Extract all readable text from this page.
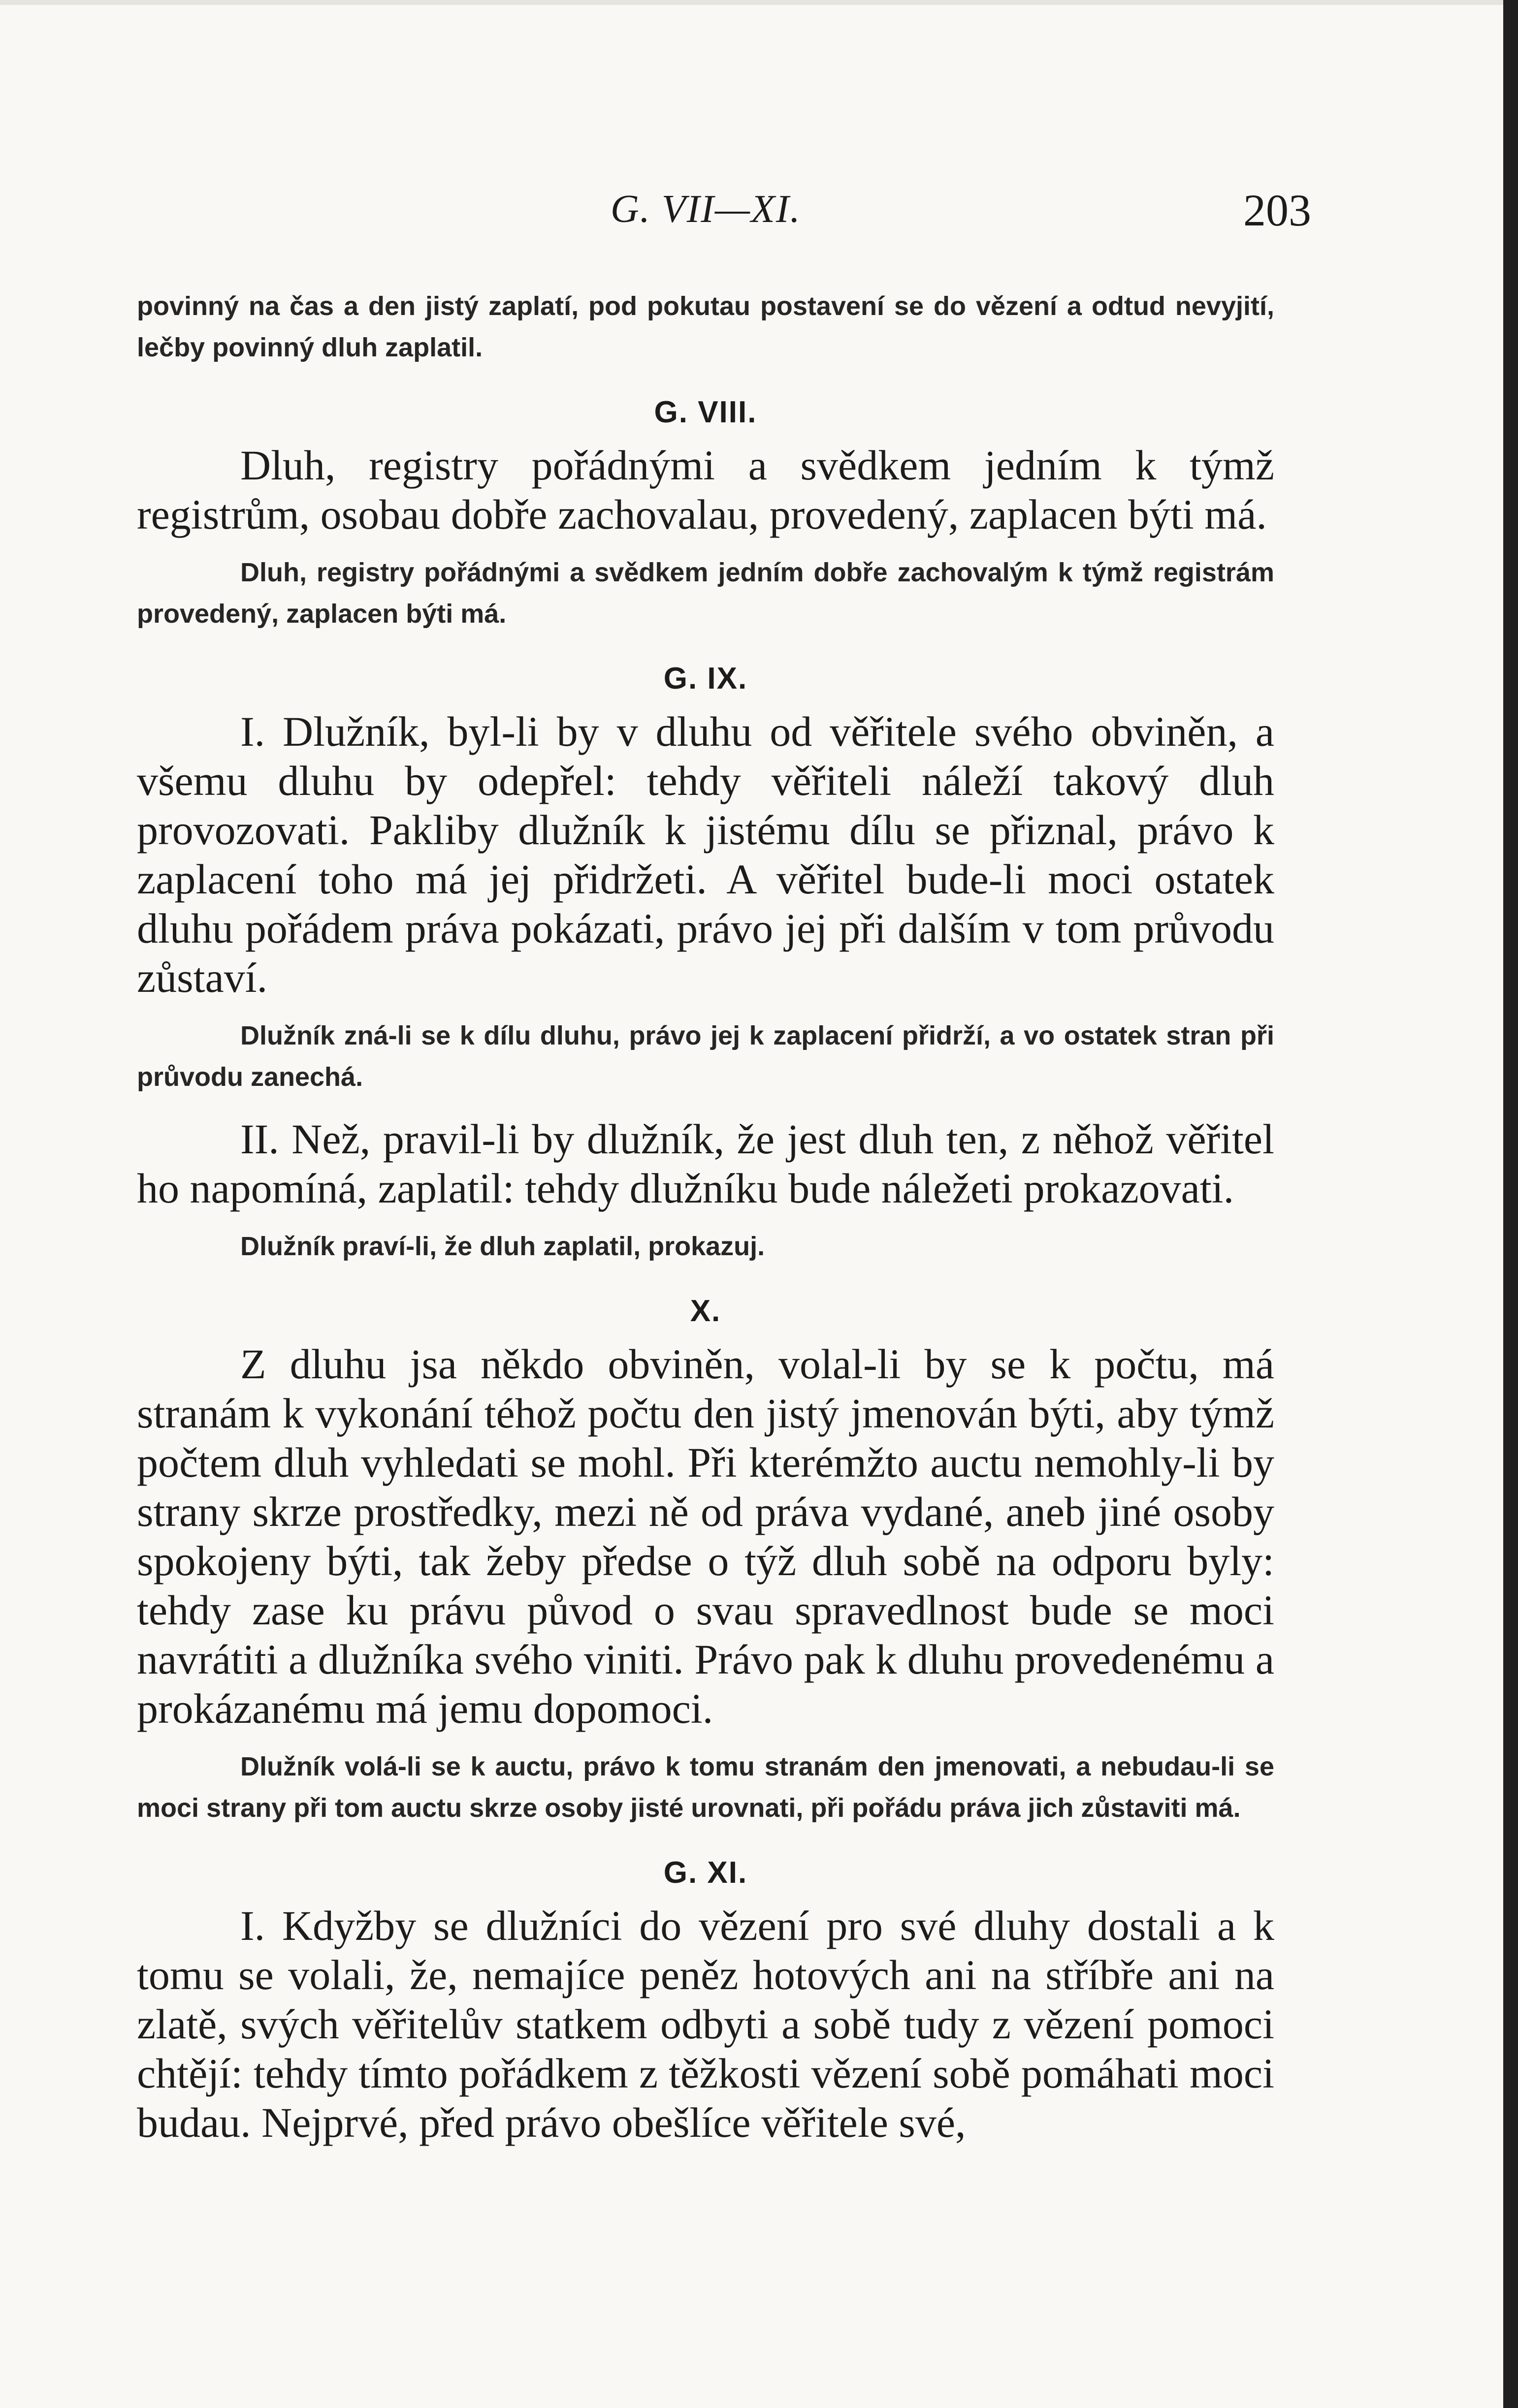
G. VII—XI.	203

povinný na čas a den jistý zaplatí, pod pokutau postavení se do vězení a odtud nevyjití, lečby povinný dluh zaplatil.

G. VIII.

Dluh, registry pořádnými a svědkem jedním k týmž registrům, osobau dobře zachovalau, provedený, zaplacen býti má.

Dluh, registry pořádnými a svědkem jedním dobře zachovalým k týmž registrám provedený, zaplacen býti má.

G. IX.

I. Dlužník, byl-li by v dluhu od věřitele svého obviněn, a všemu dluhu by odepřel: tehdy věřiteli náleží takový dluh provozovati. Pakliby dlužník k jistému dílu se přiznal, právo k zaplacení toho má jej přidržeti. A věřitel bude-li moci ostatek dluhu pořádem práva pokázati, právo jej při dalším v tom průvodu zůstaví.

Dlužník zná-li se k dílu dluhu, právo jej k zaplacení přidrží, a vo ostatek stran při průvodu zanechá.

II. Než, pravil-li by dlužník, že jest dluh ten, z něhož věřitel ho napomíná, zaplatil: tehdy dlužníku bude náležeti prokazovati.

Dlužník praví-li, že dluh zaplatil, prokazuj.

X.

Z dluhu jsa někdo obviněn, volal-li by se k počtu, má stranám k vykonání téhož počtu den jistý jmenován býti, aby týmž počtem dluh vyhledati se mohl. Při kterémžto auctu nemohly-li by strany skrze prostředky, mezi ně od práva vydané, aneb jiné osoby spokojeny býti, tak žeby předse o týž dluh sobě na odporu byly: tehdy zase ku právu původ o svau spravedlnost bude se moci navrátiti a dlužníka svého viniti. Právo pak k dluhu provedenému a prokázanému má jemu dopomoci.

Dlužník volá-li se k auctu, právo k tomu stranám den jmenovati, a nebudau-li se moci strany při tom auctu skrze osoby jisté urovnati, při pořádu práva jich zůstaviti má.

G. XI.

I. Kdyžby se dlužníci do vězení pro své dluhy dostali a k tomu se volali, že, nemajíce peněz hotových ani na stříbře ani na zlatě, svých věřitelův statkem odbyti a sobě tudy z vězení pomoci chtějí: tehdy tímto pořádkem z těžkosti vězení sobě pomáhati moci budau. Nejprvé, před právo obešlíce věřitele své,
